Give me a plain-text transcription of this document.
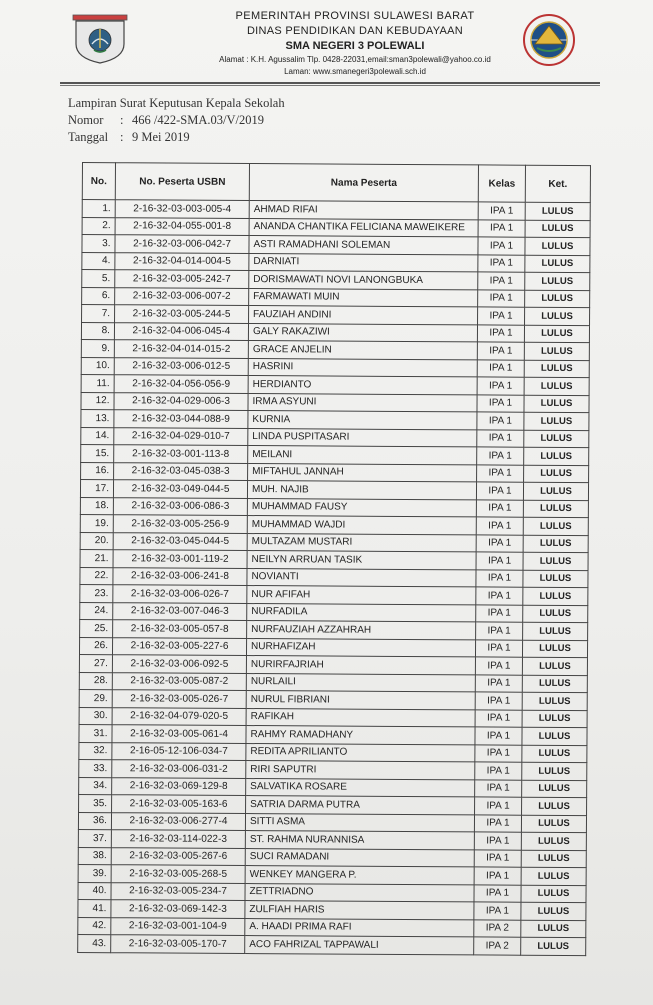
PEMERINTAH PROVINSI SULAWESI BARAT
DINAS PENDIDIKAN DAN KEBUDAYAAN
SMA NEGERI 3 POLEWALI
Alamat : K.H. Agussalim Tlp. 0428-22031,email:sman3polewali@yahoo.co.id
Laman: www.smanegeri3polewali.sch.id
Lampiran Surat Keputusan Kepala Sekolah
Nomor	: 466 /422-SMA.03/V/2019
Tanggal : 9 Mei 2019
No.	No. Peserta USBN	Nama Peserta	Kelas	Ket.
1.	2-16-32-03-003-005-4	AHMAD RIFAI	IPA 1	LULUS
2.	2-16-32-04-055-001-8	ANANDA CHANTIKA FELICIANA MAWEIKERE	IPA 1	LULUS
3.	2-16-32-03-006-042-7	ASTI RAMADHANI SOLEMAN	IPA 1	LULUS
4.	2-16-32-04-014-004-5	DARNIATI	IPA 1	LULUS
5.	2-16-32-03-005-242-7	DORISMAWATI NOVI LANONGBUKA	IPA 1	LULUS
6.	2-16-32-03-006-007-2	FARMAWATI MUIN	IPA 1	LULUS
7.	2-16-32-03-005-244-5	FAUZIAH ANDINI	IPA 1	LULUS
8.	2-16-32-04-006-045-4	GALY RAKAZIWI	IPA 1	LULUS
9.	2-16-32-04-014-015-2	GRACE ANJELIN	IPA 1	LULUS
10.	2-16-32-03-006-012-5	HASRINI	IPA 1	LULUS
11.	2-16-32-04-056-056-9	HERDIANTO	IPA 1	LULUS
12.	2-16-32-04-029-006-3	IRMA ASYUNI	IPA 1	LULUS
13.	2-16-32-03-044-088-9	KURNIA	IPA 1	LULUS
14.	2-16-32-04-029-010-7	LINDA PUSPITASARI	IPA 1	LULUS
15.	2-16-32-03-001-113-8	MEILANI	IPA 1	LULUS
16.	2-16-32-03-045-038-3	MIFTAHUL JANNAH	IPA 1	LULUS
17.	2-16-32-03-049-044-5	MUH. NAJIB	IPA 1	LULUS
18.	2-16-32-03-006-086-3	MUHAMMAD FAUSY	IPA 1	LULUS
19.	2-16-32-03-005-256-9	MUHAMMAD WAJDI	IPA 1	LULUS
20.	2-16-32-03-045-044-5	MULTAZAM MUSTARI	IPA 1	LULUS
21.	2-16-32-03-001-119-2	NEILYN ARRUAN TASIK	IPA 1	LULUS
22.	2-16-32-03-006-241-8	NOVIANTI	IPA 1	LULUS
23.	2-16-32-03-006-026-7	NUR AFIFAH	IPA 1	LULUS
24.	2-16-32-03-007-046-3	NURFADILA	IPA 1	LULUS
25.	2-16-32-03-005-057-8	NURFAUZIAH AZZAHRAH	IPA 1	LULUS
26.	2-16-32-03-005-227-6	NURHAFIZAH	IPA 1	LULUS
27.	2-16-32-03-006-092-5	NURIRFAJRIAH	IPA 1	LULUS
28.	2-16-32-03-005-087-2	NURLAILI	IPA 1	LULUS
29.	2-16-32-03-005-026-7	NURUL FIBRIANI	IPA 1	LULUS
30.	2-16-32-04-079-020-5	RAFIKAH	IPA 1	LULUS
31.	2-16-32-03-005-061-4	RAHMY RAMADHANY	IPA 1	LULUS
32.	2-16-05-12-106-034-7	REDITA APRILIANTO	IPA 1	LULUS
33.	2-16-32-03-006-031-2	RIRI SAPUTRI	IPA 1	LULUS
34.	2-16-32-03-069-129-8	SALVATIKA ROSARE	IPA 1	LULUS
35.	2-16-32-03-005-163-6	SATRIA DARMA PUTRA	IPA 1	LULUS
36.	2-16-32-03-006-277-4	SITTI ASMA	IPA 1	LULUS
37.	2-16-32-03-114-022-3	ST. RAHMA NURANNISA	IPA 1	LULUS
38.	2-16-32-03-005-267-6	SUCI RAMADANI	IPA 1	LULUS
39.	2-16-32-03-005-268-5	WENKEY MANGERA P.	IPA 1	LULUS
40.	2-16-32-03-005-234-7	ZETTRIADNO	IPA 1	LULUS
41.	2-16-32-03-069-142-3	ZULFIAH HARIS	IPA 1	LULUS
42.	2-16-32-03-001-104-9	A. HAADI PRIMA RAFI	IPA 2	LULUS
43.	2-16-32-03-005-170-7	ACO FAHRIZAL TAPPAWALI	IPA 2	LULUS
